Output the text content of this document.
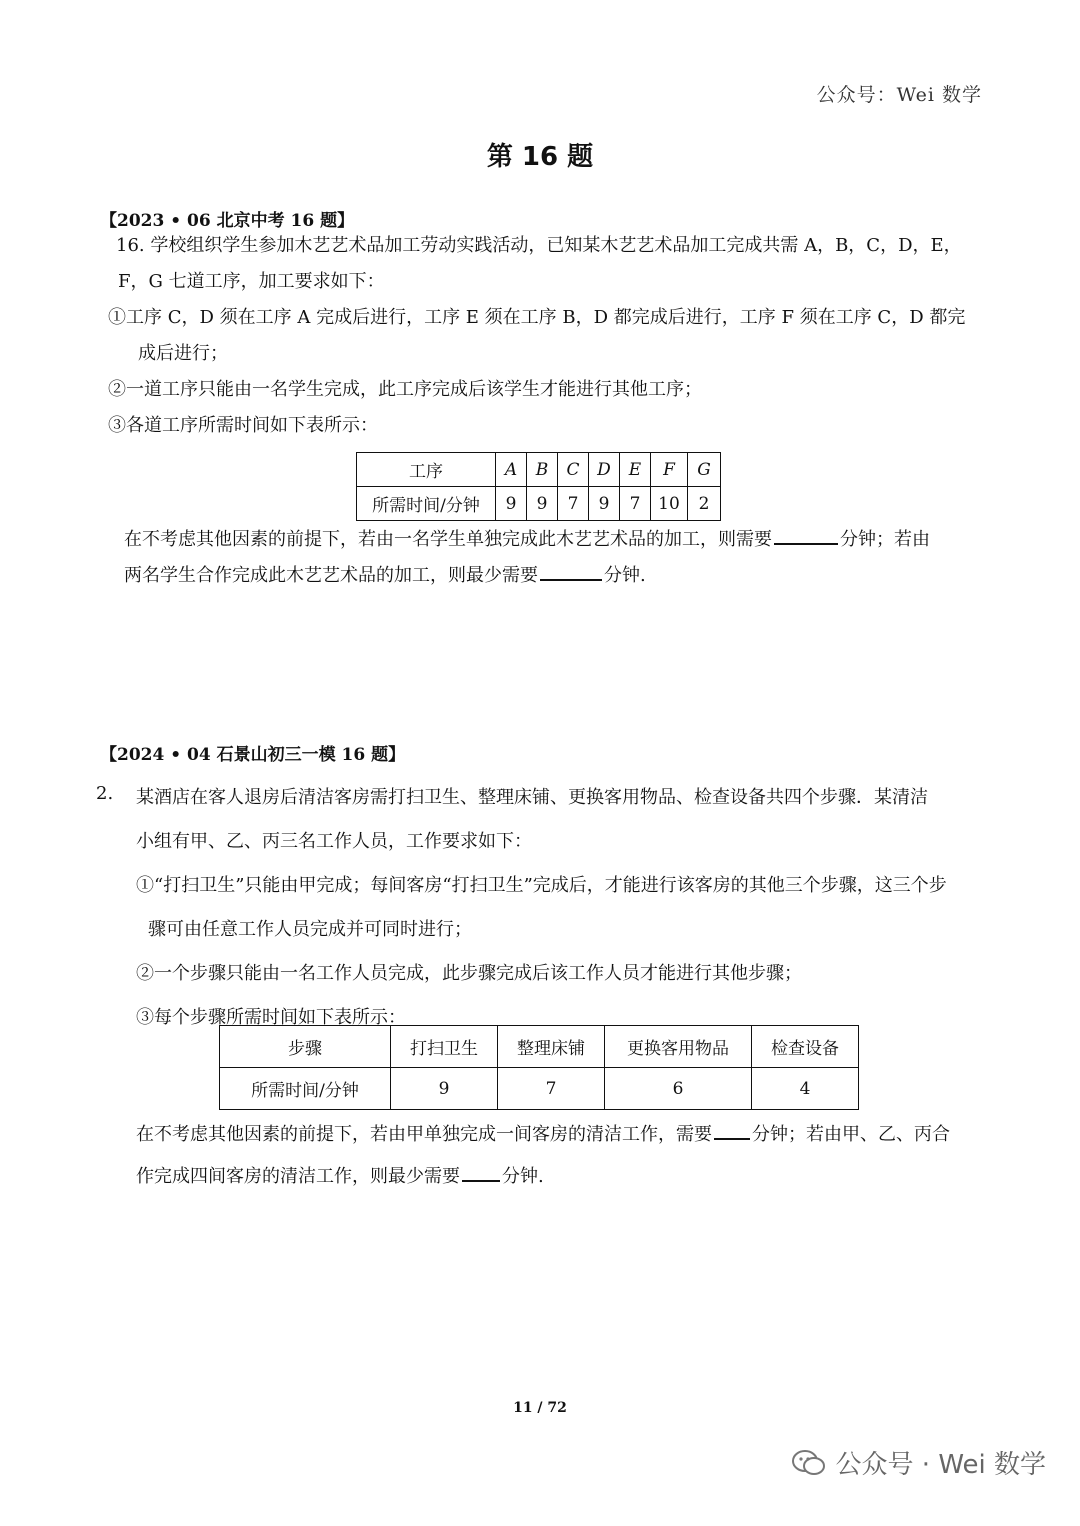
公众号：Wei 数学
第 16 题
【2023 • 06 北京中考 16 题】

16. 学校组织学生参加木艺艺术品加工劳动实践活动，已知某木艺艺术品加工完成共需 A，B，C，D，E，

F，G 七道工序，加工要求如下：

①工序 C，D 须在工序 A 完成后进行，工序 E 须在工序 B，D 都完成后进行，工序 F 须在工序 C，D 都完

成后进行；

②一道工序只能由一名学生完成，此工序完成后该学生才能进行其他工序；

③各道工序所需时间如下表所示：

工序	A	B	C	D	E	F	G
所需时间/分钟	9	9	7	9	7	10	2

在不考虑其他因素的前提下，若由一名学生单独完成此木艺艺术品的加工，则需要	分钟；若由

两名学生合作完成此木艺艺术品的加工，则最少需要	分钟.

【2024 • 04 石景山初三一模 16 题】
2. 某酒店在客人退房后清洁客房需打扫卫生、整理床铺、更换客用物品、检查设备共四个步骤．某清洁

小组有甲、乙、丙三名工作人员，工作要求如下：

①“打扫卫生”只能由甲完成；每间客房“打扫卫生”完成后，才能进行该客房的其他三个步骤，这三个步

骤可由任意工作人员完成并可同时进行；

②一个步骤只能由一名工作人员完成，此步骤完成后该工作人员才能进行其他步骤；

③每个步骤所需时间如下表所示：

步骤	打扫卫生	整理床铺	更换客用物品	检查设备
所需时间/分钟	9	7	6	4

在不考虑其他因素的前提下，若由甲单独完成一间客房的清洁工作，需要 分钟；若由甲、乙、丙合

作完成四间客房的清洁工作，则最少需要 分钟.

11 / 72
公众号 · Wei 数学
